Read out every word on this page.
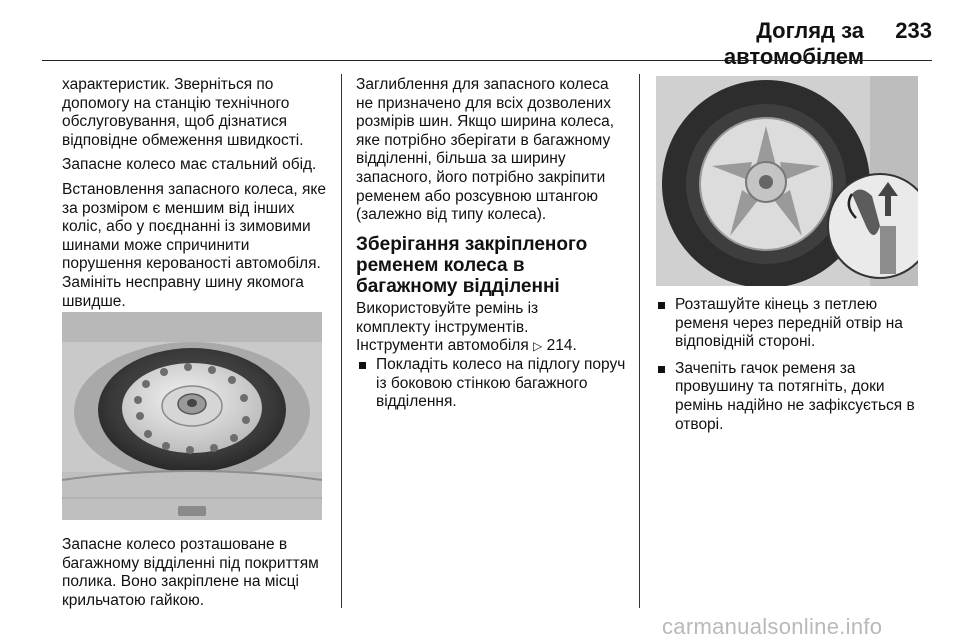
Догляд за автомобілем
233

характеристик. Зверніться по допомогу на станцію технічного обслуговування, щоб дізнатися відповідне обмеження швидкості.

Запасне колесо має стальний обід.

Встановлення запасного колеса, яке за розміром є меншим від інших коліс, або у поєднанні із зимовими шинами може спричинити порушення керованості автомобіля. Замініть несправну шину якомога швидше.

Запасне колесо розташоване в багажному відділенні під покриттям полика. Воно закріплене на місці крильчатою гайкою.

Заглиблення для запасного колеса не призначено для всіх дозволених розмірів шин. Якщо ширина колеса, яке потрібно зберігати в багажному відділенні, більша за ширину запасного, його потрібно закріпити ременем або розсувною штангою (залежно від типу колеса).

Зберігання закріпленого ременем колеса в багажному відділенні

Використовуйте ремінь із комплекту інструментів. Інструменти автомобіля ▷ 214.

Покладіть колесо на підлогу поруч із боковою стінкою багажного відділення.
Розташуйте кінець з петлею ременя через передній отвір на відповідній стороні.
Зачепіть гачок ременя за провушину та потягніть, доки ремінь надійно не зафіксується в отворі.
carmanualsonline.info
